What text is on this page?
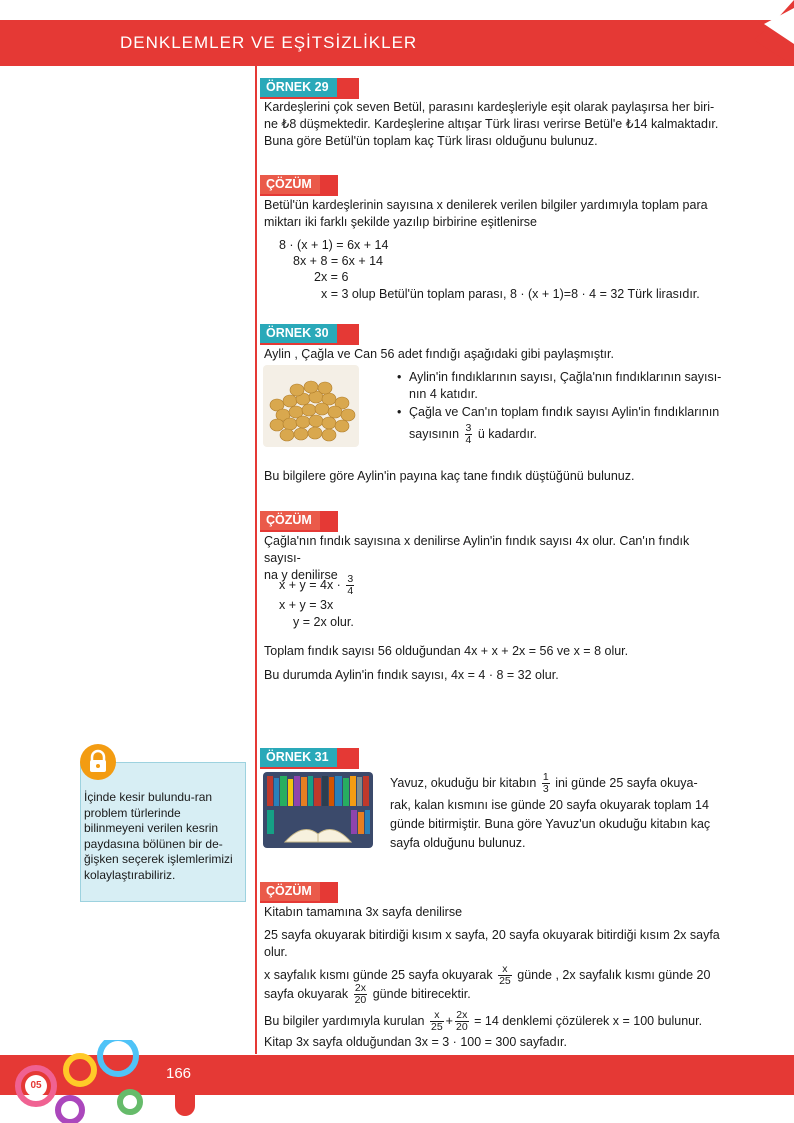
DENKLEMLER VE EŞİTSİZLİKLER
ÖRNEK 29
Kardeşlerini çok seven Betül, parasını kardeşleriyle eşit olarak paylaşırsa her biri-
ne ₺8 düşmektedir. Kardeşlerine altışar Türk lirası verirse Betül'e ₺14 kalmaktadır.
Buna göre Betül'ün toplam kaç Türk lirası olduğunu bulunuz.
ÇÖZÜM
Betül'ün kardeşlerinin sayısına x denilerek verilen bilgiler yardımıyla toplam para
miktarı iki farklı şekilde yazılıp birbirine eşitlenirse
8 · (x + 1) = 6x + 14
8x + 8 = 6x + 14
2x = 6
x = 3 olup Betül'ün toplam parası, 8 · (x + 1)=8 · 4 = 32 Türk lirasıdır.
ÖRNEK 30
Aylin , Çağla ve Can 56 adet fındığı aşağıdaki gibi paylaşmıştır.
• Aylin'in fındıklarının sayısı, Çağla'nın fındıklarının sayısı-
nın 4 katıdır.
• Çağla ve Can'ın toplam fındık sayısı Aylin'in fındıklarının
sayısının $\frac{3}{4}$ ü kadardır.
Bu bilgilere göre Aylin'in payına kaç tane fındık düştüğünü bulunuz.
ÇÖZÜM
Çağla'nın fındık sayısına x denilirse Aylin'in fındık sayısı 4x olur. Can'ın fındık sayısı-
na y denilirse
$x + y = 4x \cdot \frac{3}{4}$
x + y = 3x
y = 2x olur.
Toplam fındık sayısı 56 olduğundan 4x + x + 2x = 56 ve x = 8 olur.
Bu durumda Aylin'in fındık sayısı, 4x = 4 · 8 = 32 olur.
İçinde kesir bulundu-ran problem türlerinde bilinmeyeni verilen kesrin paydasına bölünen bir de-ğişken seçerek işlemlerimizi kolaylaştırabiliriz.
ÖRNEK 31
Yavuz, okuduğu bir kitabın $\frac{1}{3}$ ini günde 25 sayfa okuya-
rak, kalan kısmını ise günde 20 sayfa okuyarak toplam 14
günde bitirmiştir. Buna göre Yavuz'un okuduğu kitabın kaç
sayfa olduğunu bulunuz.
ÇÖZÜM
Kitabın tamamına 3x sayfa denilirse
25 sayfa okuyarak bitirdiği kısım x sayfa, 20 sayfa okuyarak bitirdiği kısım 2x sayfa
olur.
x sayfalık kısmı günde 25 sayfa okuyarak $\frac{x}{25}$ günde , 2x sayfalık kısmı günde 20
sayfa okuyarak $\frac{2x}{20}$ günde bitirecektir.
Bu bilgiler yardımıyla kurulan $\frac{x}{25} + \frac{2x}{20} = 14$ denklemi çözülerek x = 100 bulunur.
Kitap 3x sayfa olduğundan 3x = 3 · 100 = 300 sayfadır.
05
166
